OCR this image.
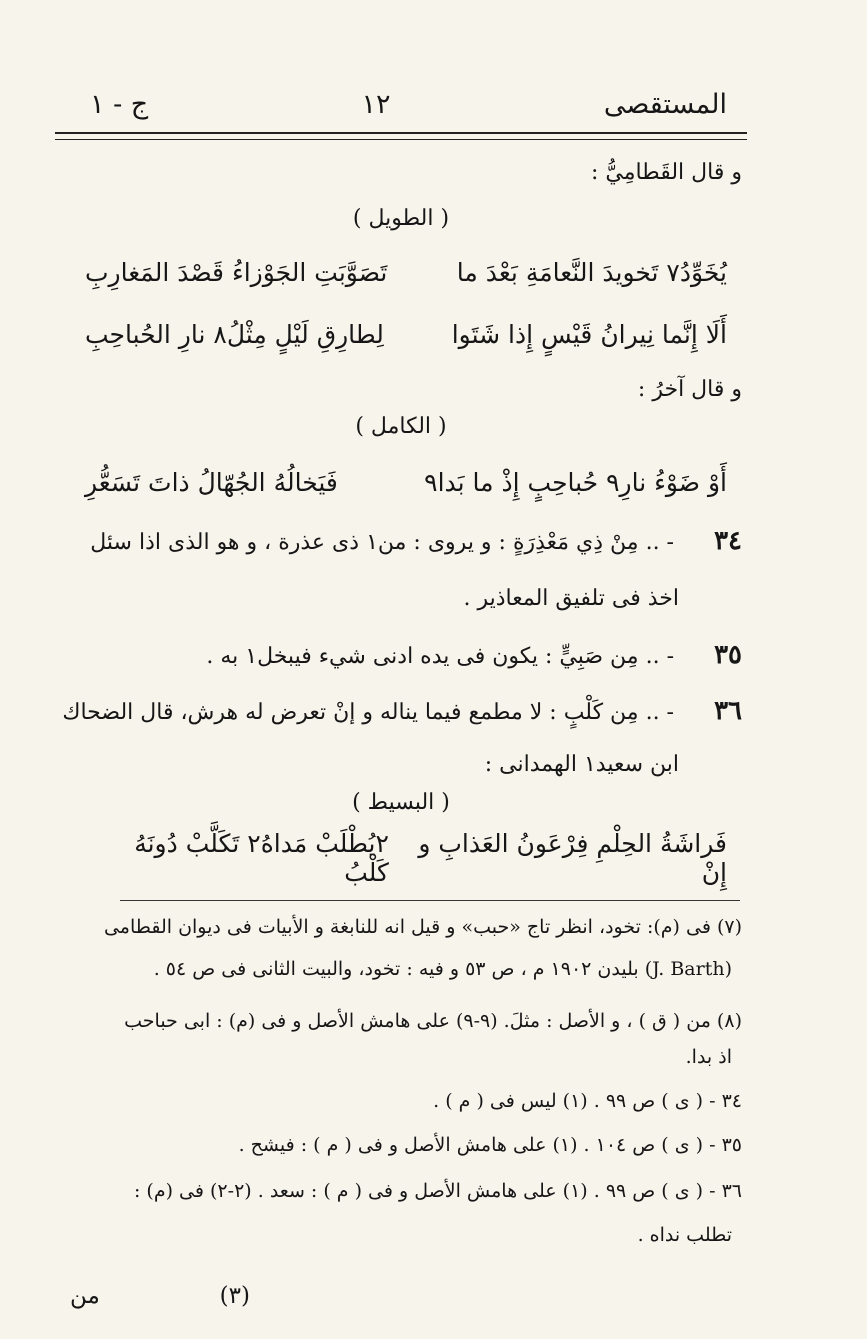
المستقصى
١٢
ج - ١
و قال القَطامِيُّ :
( الطويل )
يُخَوِّدُ٧ تَخويدَ النَّعامَةِ بَعْدَ ما
تَصَوَّبَتِ الجَوْزاءُ قَصْدَ المَغارِبِ
أَلَا إِنَّما نِيرانُ قَيْسٍ إِذا شَتَوا
لِطارِقِ لَيْلٍ مِثْلُ٨ نارِ الحُباحِبِ
و قال آخرُ :
( الكامل )
أَوْ ضَوْءُ نارِ٩ حُباحِبٍ إِذْ ما بَدا٩
فَيَخالُهُ الجُهّالُ ذاتَ تَسَعُّرِ
٣٤
- .. مِنْ ذِي مَعْذِرَةٍ : و يروى : من١ ذى عذرة ، و هو الذى اذا سئل
اخذ فى تلفيق المعاذير .
٣٥
- .. مِن صَبِيٍّ : يكون فى يده ادنى شيء فيبخل١ به .
٣٦
- .. مِن كَلْبٍ : لا مطمع فيما يناله و إنْ تعرض له هرش، قال الضحاك
ابن سعيد١ الهمدانى :
( البسيط )
فَراشَةُ الحِلْمِ فِرْعَونُ العَذابِ و إِنْ
٢يُطْلَبْ مَداهُ٢ تَكَلَّبْ دُونَهُ كَلْبُ
(٧) فى (م): تخود، انظر تاج «حبب» و قيل انه للنابغة و الأبيات فى ديوان القطامى
(J. Barth) بليدن ١٩٠٢ م ، ص ٥٣ و فيه : تخود، والبيت الثانى فى ص ٥٤ .
(٨) من ( ق ) ، و الأصل : مثلَ. (٩-٩) على هامش الأصل و فى (م) : ابى حباحب
اذ بدا.
٣٤ - ( ى ) ص ٩٩ . (١) ليس فى ( م ) .
٣٥ - ( ى ) ص ١٠٤ . (١) على هامش الأصل و فى ( م ) : فيشح .
٣٦ - ( ى ) ص ٩٩ . (١) على هامش الأصل و فى ( م ) : سعد . (٢-٢) فى (م) :
تطلب نداه .
(٣)
من
